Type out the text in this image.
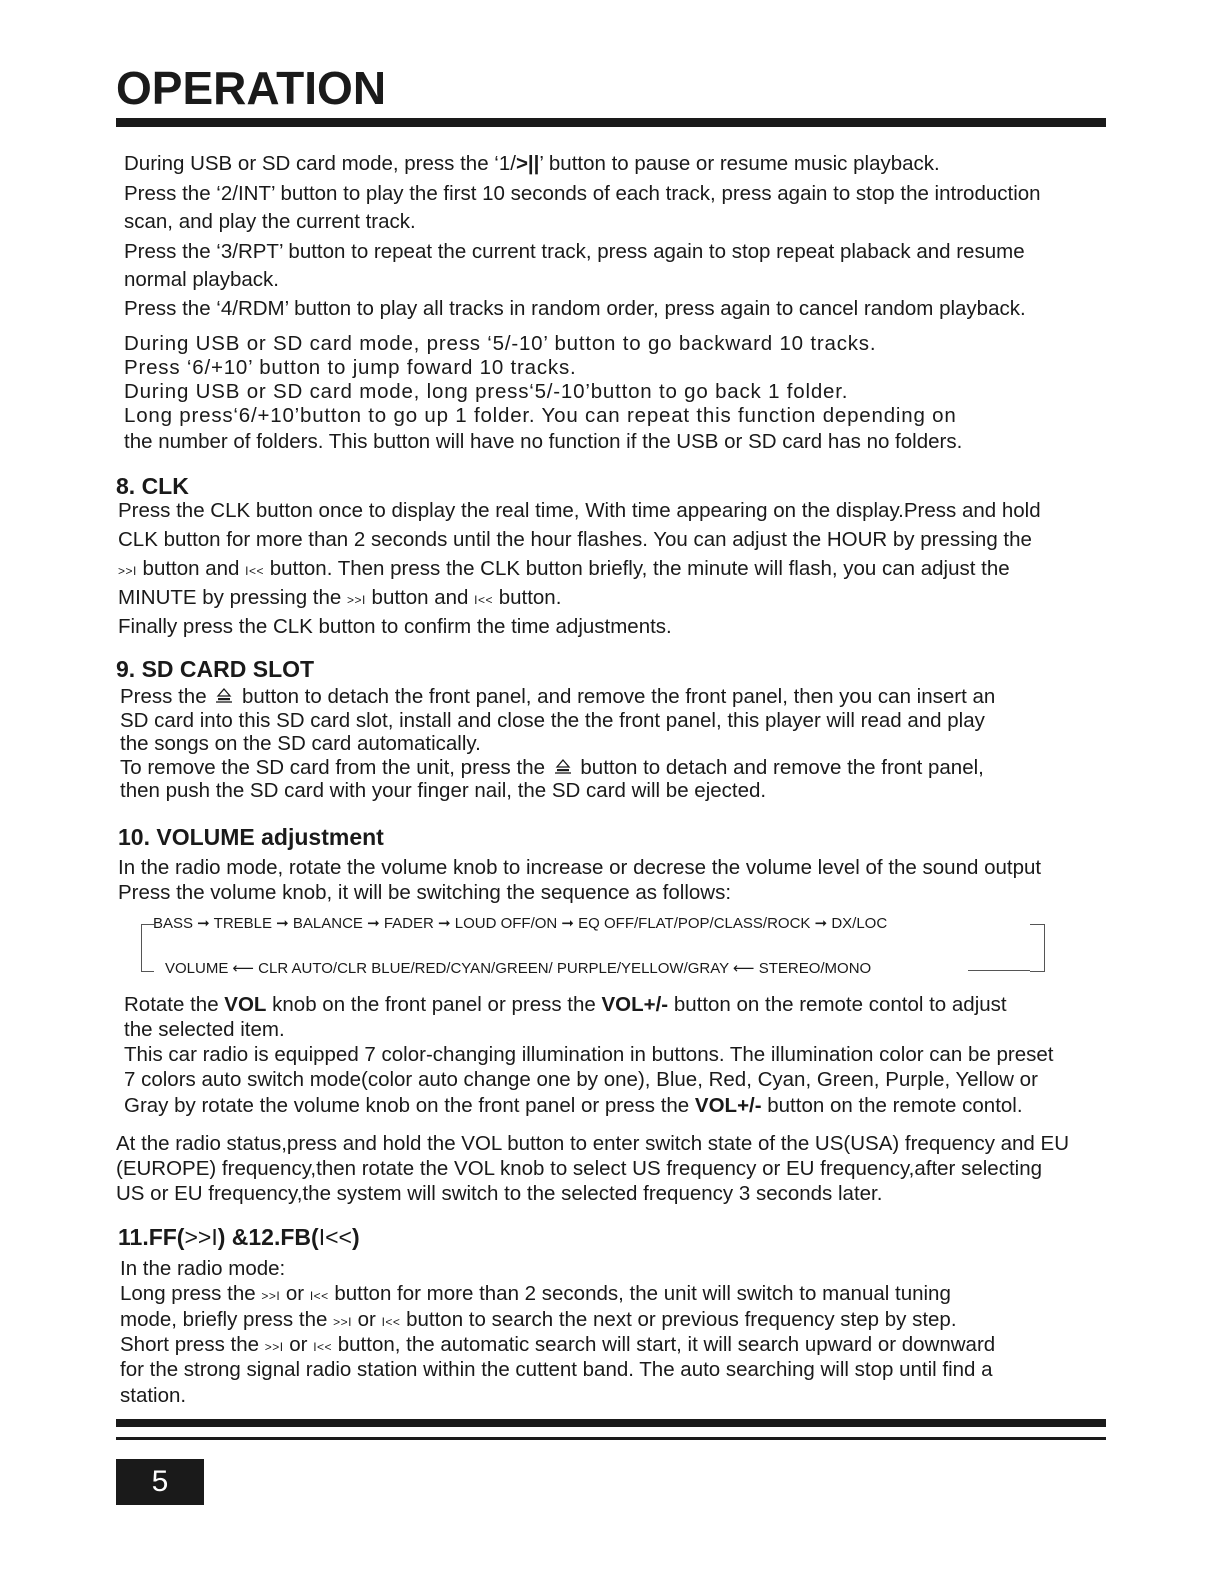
OPERATION
During USB or SD card mode, press the ‘1/>||’ button to pause or resume music playback.
Press the ‘2/INT’ button to play the first 10 seconds of each track, press again to stop the introduction
scan, and play the current track.
Press the ‘3/RPT’ button to repeat the current track, press again to stop repeat plaback and resume
normal playback.
Press the ‘4/RDM’ button to play all tracks in random order, press again to cancel random playback.
During USB or SD card mode, press ‘5/-10’ button to go backward 10 tracks.
Press ‘6/+10’ button to jump foward 10 tracks.
During USB or SD card mode, long press‘5/-10’button to go back 1 folder.
Long press‘6/+10’button to go up 1 folder. You can repeat this function depending on
the number of folders. This button will have no function if the USB or SD card has no folders.
8. CLK
Press the CLK button once to display the real time, With time appearing on the display.Press and hold
CLK button for more than 2 seconds until the hour flashes. You can adjust the HOUR by pressing the
>>I button and I<< button. Then press the CLK button briefly, the minute will flash, you can adjust the
MINUTE by pressing the >>I button and I<< button.
Finally press the CLK button to confirm the time adjustments.
9. SD CARD SLOT
Press the  button to detach the front panel, and remove the front panel, then you can insert an
SD card into this SD card slot, install and close the the front panel, this player will read and play
the songs on the SD card automatically.
To remove the SD card from the unit, press the  button to detach and remove the front panel,
then push the SD card with your finger nail, the SD card will be ejected.
10. VOLUME adjustment
In the radio mode, rotate the volume knob to increase or decrese the volume level of the sound output
Press the volume knob, it will be switching the sequence as follows:
BASS ➞ TREBLE ➞ BALANCE ➞ FADER ➞ LOUD OFF/ON ➞ EQ OFF/FLAT/POP/CLASS/ROCK ➞ DX/LOC
VOLUME ⟵ CLR AUTO/CLR BLUE/RED/CYAN/GREEN/ PURPLE/YELLOW/GRAY ⟵ STEREO/MONO
Rotate the VOL knob on the front panel or press the VOL+/- button on the remote contol to adjust
the selected item.
This car radio is equipped 7 color-changing illumination in buttons. The illumination color can be preset
7 colors auto switch mode(color auto change one by one), Blue, Red, Cyan, Green, Purple, Yellow or
Gray by rotate the volume knob on the front panel or press the VOL+/- button on the remote contol.
At the radio status,press and hold the VOL button to enter switch state of the US(USA) frequency and EU
(EUROPE) frequency,then rotate the VOL knob to select US frequency or EU frequency,after selecting
US or EU frequency,the system will switch to the selected frequency 3 seconds later.
11.FF(>>I) &12.FB(I<<)
In the radio mode:
Long press the >>I or I<< button for more than 2 seconds, the unit will switch to manual tuning
mode, briefly press the >>I or I<< button to search the next or previous frequency step by step.
Short press the >>I or I<< button, the automatic search will start, it will search upward or downward
for the strong signal radio station within the cuttent band. The auto searching will stop until find a
station.
5
